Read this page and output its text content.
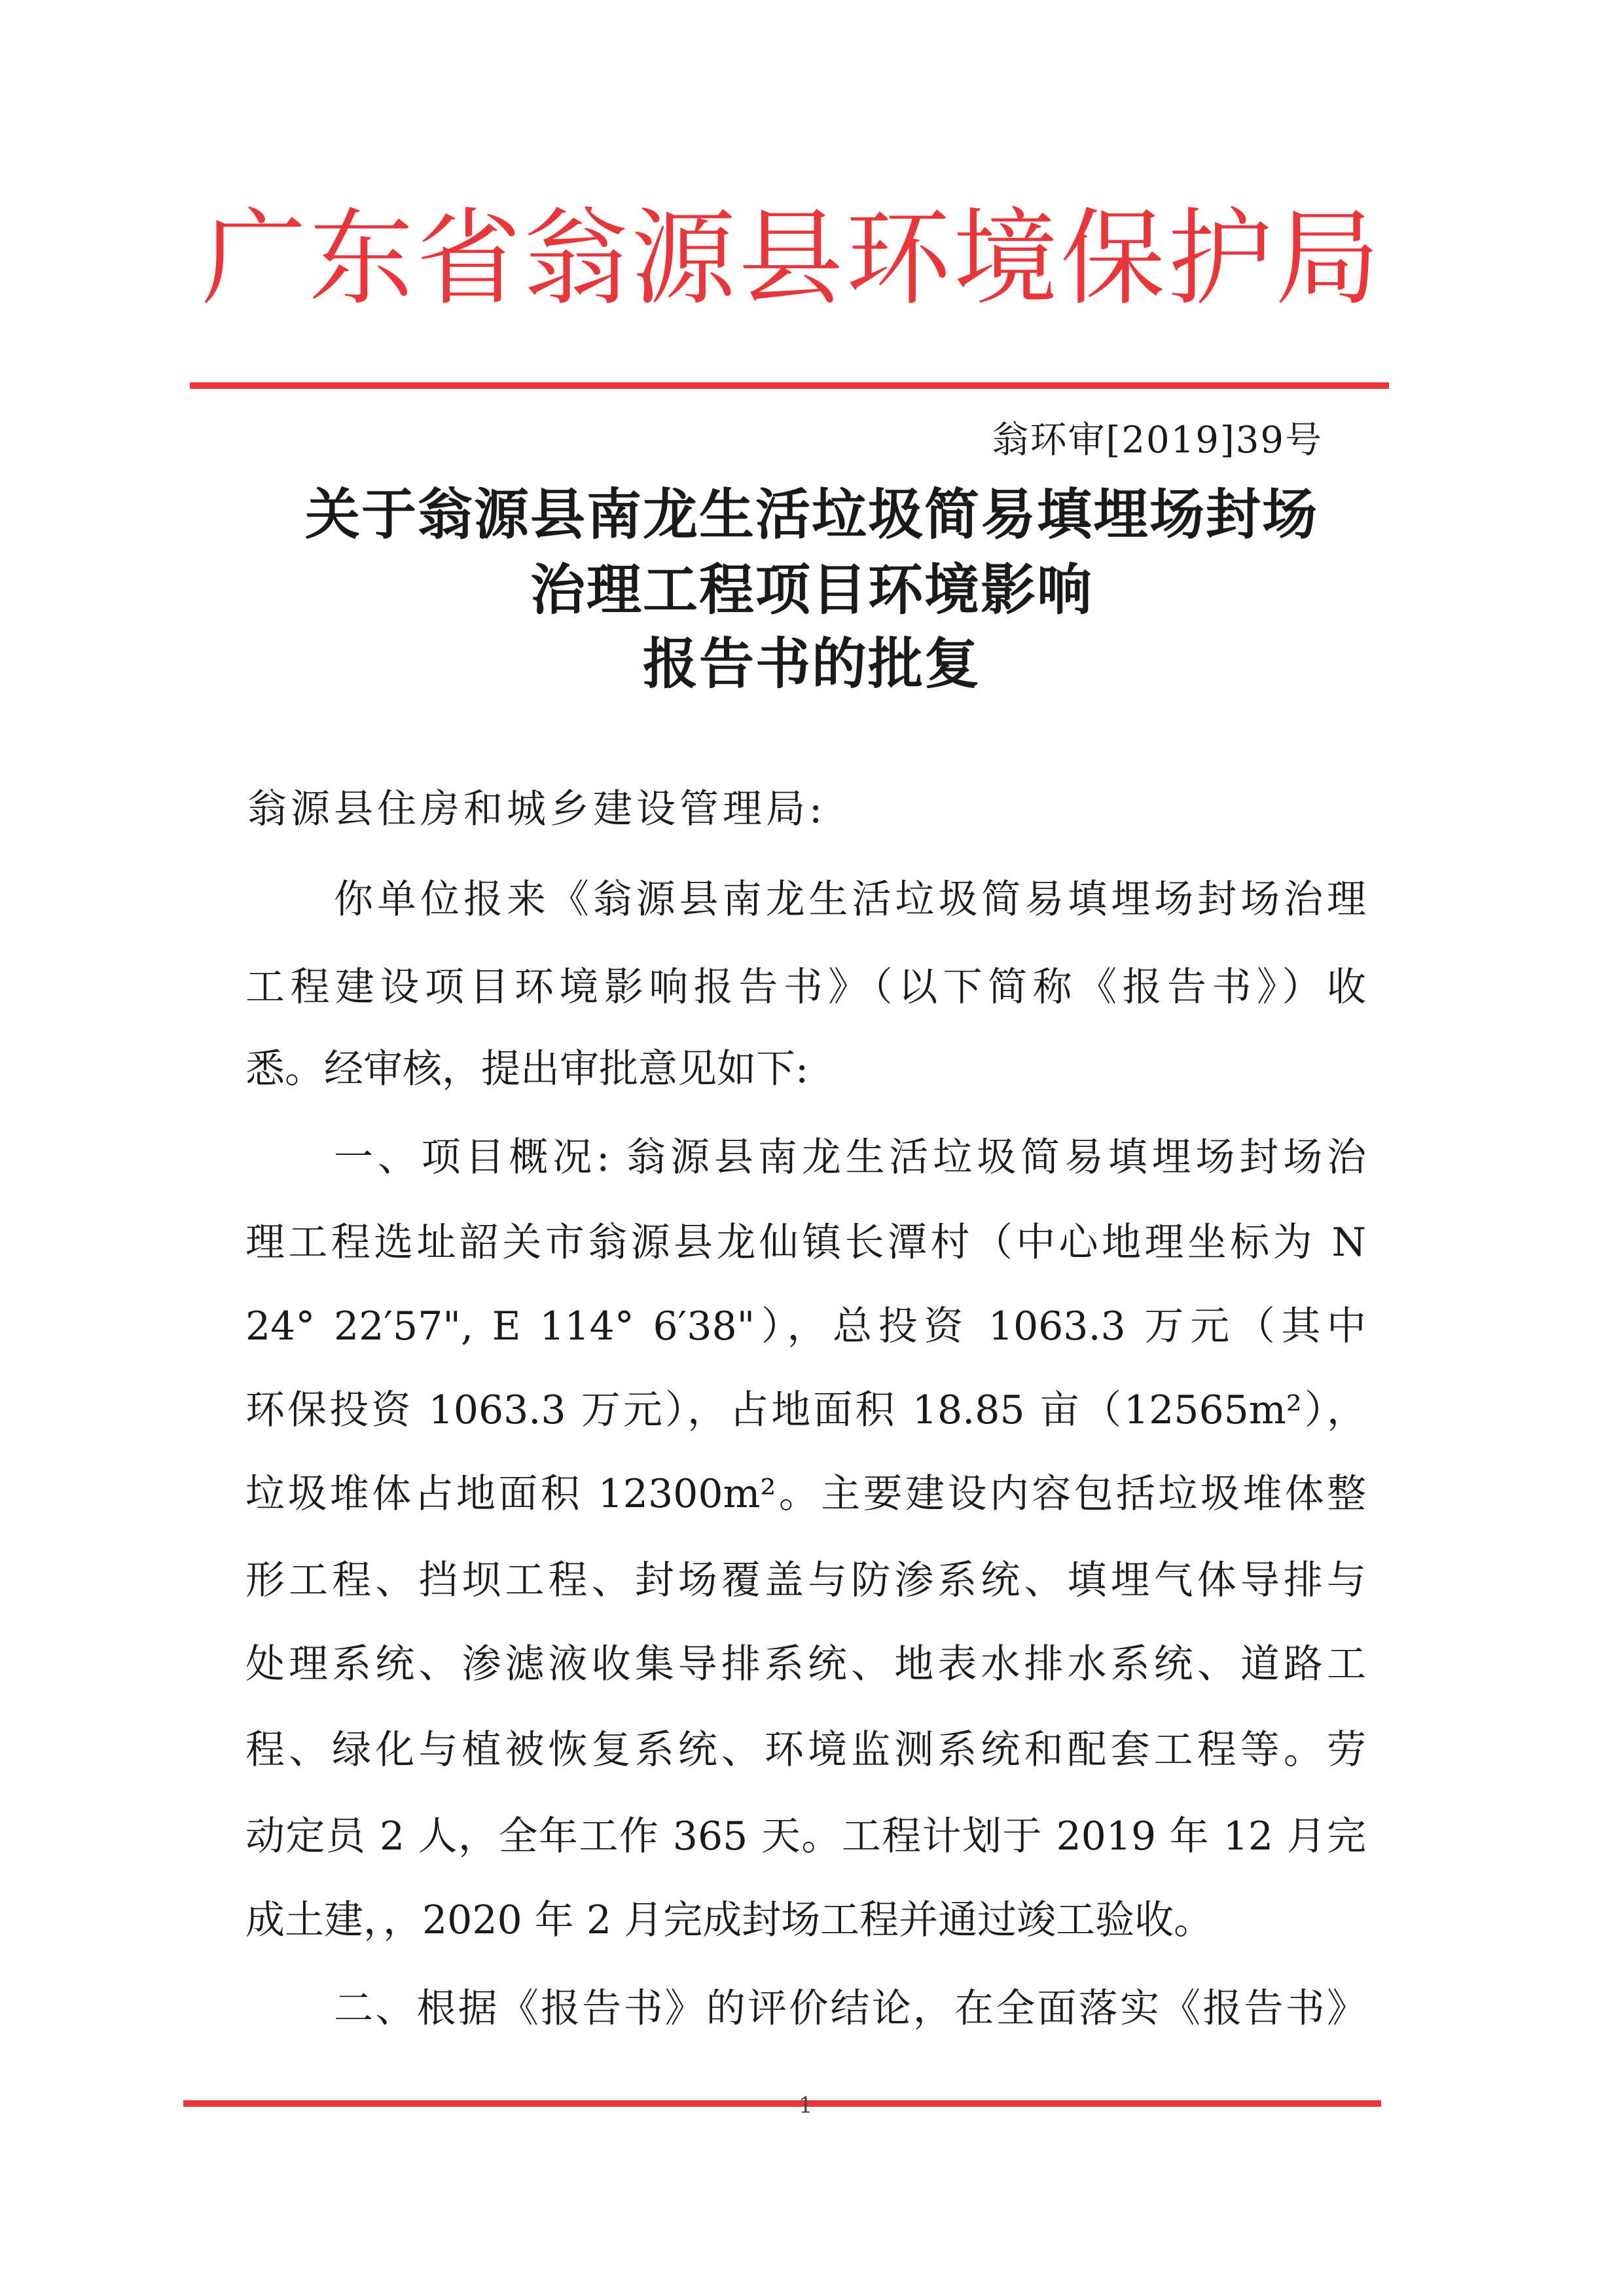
广东省翁源县环境保护局
翁环审[2019]39号
关于翁源县南龙生活垃圾简易填埋场封场
治理工程项目环境影响
报告书的批复
翁源县住房和城乡建设管理局:
你单位报来《翁源县南龙生活垃圾简易填埋场封场治理
工程建设项目环境影响报告书》（以下简称《报告书》）收
悉。经审核，提出审批意见如下:
一、项目概况: 翁源县南龙生活垃圾简易填埋场封场治
理工程选址韶关市翁源县龙仙镇长潭村（中心地理坐标为 N
24° 22′57", E 114° 6′38"），总投资 1063.3 万元（其中
环保投资 1063.3 万元），占地面积 18.85 亩（12565m²），
垃圾堆体占地面积 12300m²。主要建设内容包括垃圾堆体整
形工程、挡坝工程、封场覆盖与防渗系统、填埋气体导排与
处理系统、渗滤液收集导排系统、地表水排水系统、道路工
程、绿化与植被恢复系统、环境监测系统和配套工程等。劳
动定员 2 人，全年工作 365 天。工程计划于 2019 年 12 月完
成土建，，2020 年 2 月完成封场工程并通过竣工验收。
二、根据《报告书》的评价结论，在全面落实《报告书》
1
